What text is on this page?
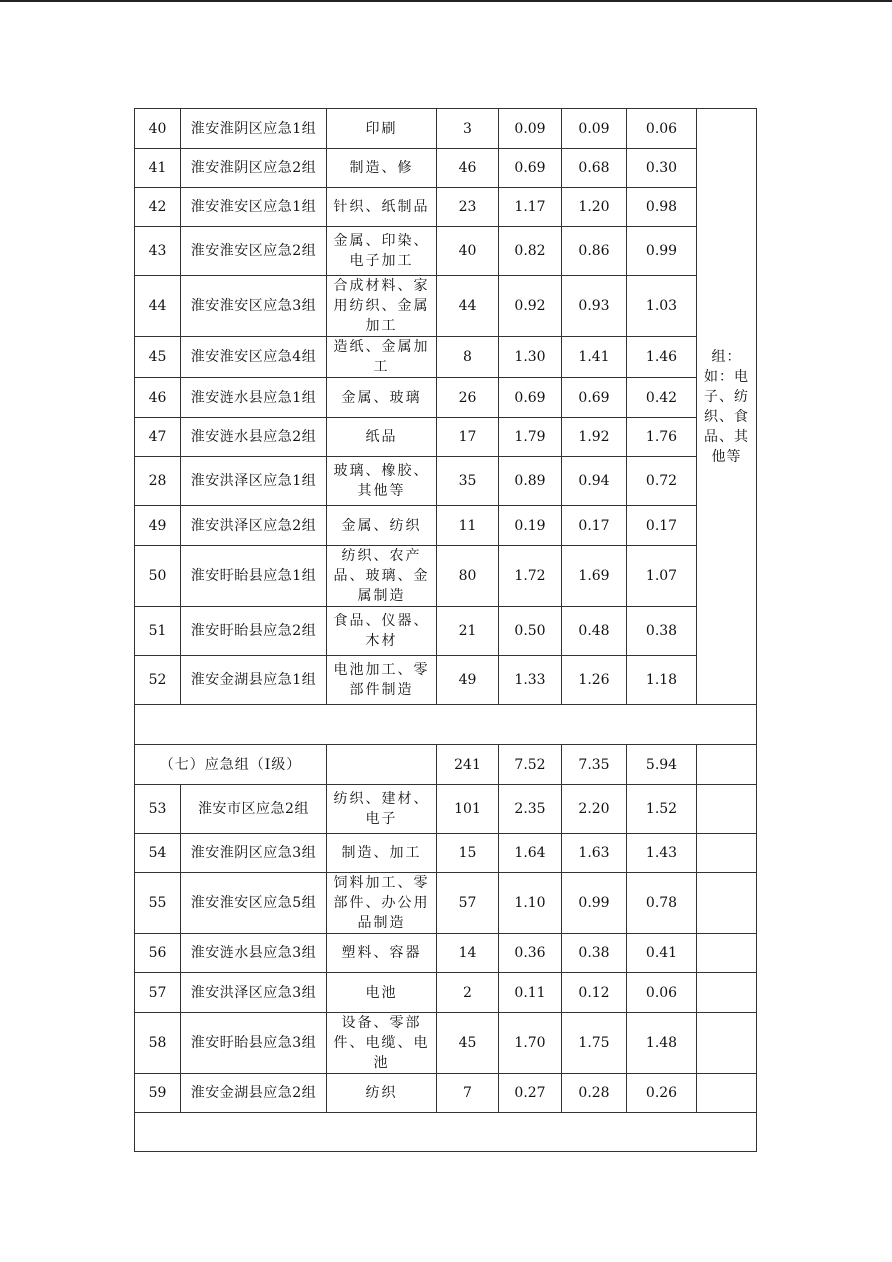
40	淮安淮阴区应急1组	印刷	3	0.09	0.09	0.06	组：如：电子、纺织、食品、其他等
41	淮安淮阴区应急2组	制造、修	46	0.69	0.68	0.30	
42	淮安淮安区应急1组	针织、纸制品	23	1.17	1.20	0.98	
43	淮安淮安区应急2组	金属、印染、电子加工	40	0.82	0.86	0.99	
44	淮安淮安区应急3组	合成材料、家用纺织、金属加工	44	0.92	0.93	1.03	
45	淮安淮安区应急4组	造纸、金属加工	8	1.30	1.41	1.46	
46	淮安涟水县应急1组	金属、玻璃	26	0.69	0.69	0.42	
47	淮安涟水县应急2组	纸品	17	1.79	1.92	1.76	
28	淮安洪泽区应急1组	玻璃、橡胶、其他等	35	0.89	0.94	0.72	
49	淮安洪泽区应急2组	金属、纺织	11	0.19	0.17	0.17	
50	淮安盱眙县应急1组	纺织、农产品、玻璃、金属制造	80	1.72	1.69	1.07	
51	淮安盱眙县应急2组	食品、仪器、木材	21	0.50	0.48	0.38	
52	淮安金湖县应急1组	电池加工、零部件制造	49	1.33	1.26	1.18	

（七）应急组（Ⅰ级）			241	7.52	7.35	5.94	
53	淮安市区应急2组	纺织、建材、电子	101	2.35	2.20	1.52	
54	淮安淮阴区应急3组	制造、加工	15	1.64	1.63	1.43	
55	淮安淮安区应急5组	饲料加工、零部件、办公用品制造	57	1.10	0.99	0.78	
56	淮安涟水县应急3组	塑料、容器	14	0.36	0.38	0.41	
57	淮安洪泽区应急3组	电池	2	0.11	0.12	0.06	
58	淮安盱眙县应急3组	设备、零部件、电缆、电池	45	1.70	1.75	1.48	
59	淮安金湖县应急2组	纺织	7	0.27	0.28	0.26	
